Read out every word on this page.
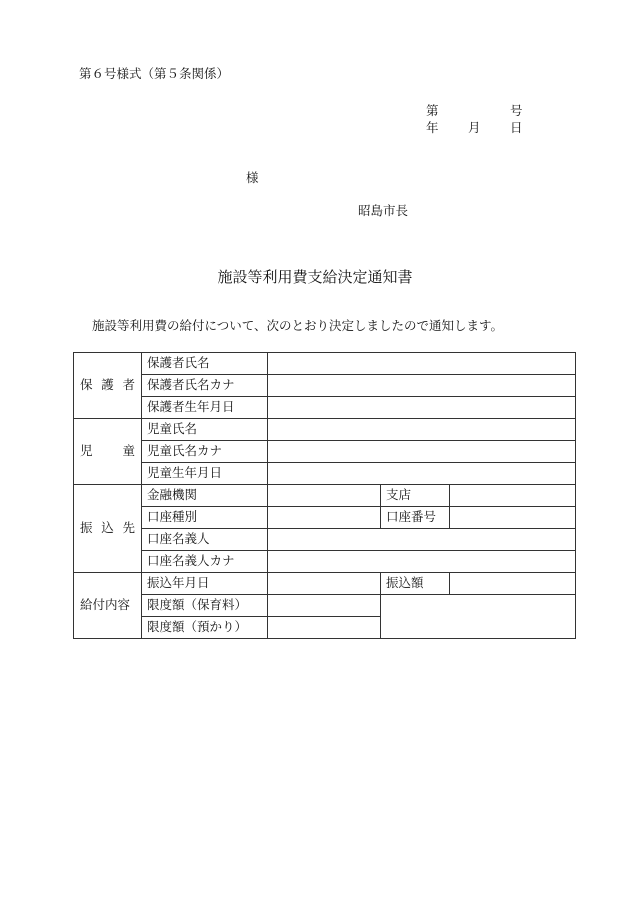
第６号様式（第５条関係）
第	号
年 月 日
様
昭島市長
施設等利用費支給決定通知書
施設等利用費の給付について、次のとおり決定しましたので通知します。
保 護 者	保護者氏名			
	保護者氏名カナ			
	保護者生年月日			

児 童	児童氏名			
	児童氏名カナ			
	児童生年月日			

振 込 先	金融機関		支店	
	口座種別		口座番号	
	口座名義人			
	口座名義人カナ			
給付内容	振込年月日		振込額	
	限度額（保育料）			
	限度額（預かり）			
